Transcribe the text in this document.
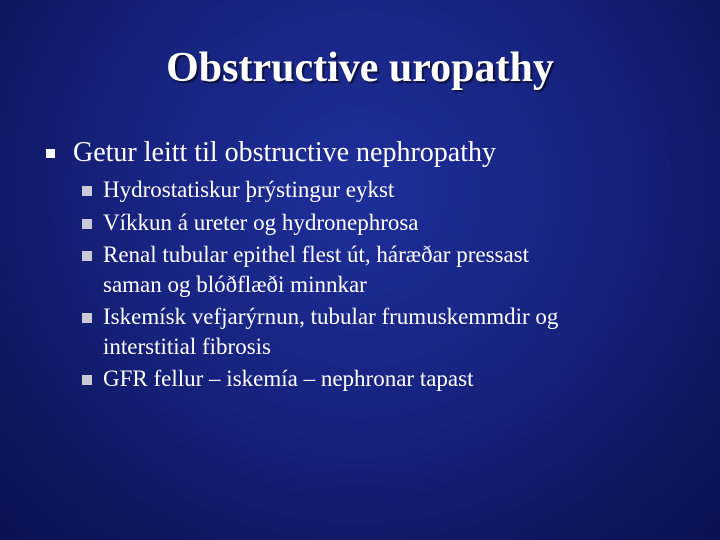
Obstructive uropathy
Getur leitt til obstructive nephropathy
Hydrostatiskur þrýstingur eykst
Víkkun á ureter og hydronephrosa
Renal tubular epithel flest út, háræðar pressast
saman og blóðflæði minnkar
Iskemísk vefjarýrnun, tubular frumuskemmdir og
interstitial fibrosis
GFR fellur – iskemía – nephronar tapast
